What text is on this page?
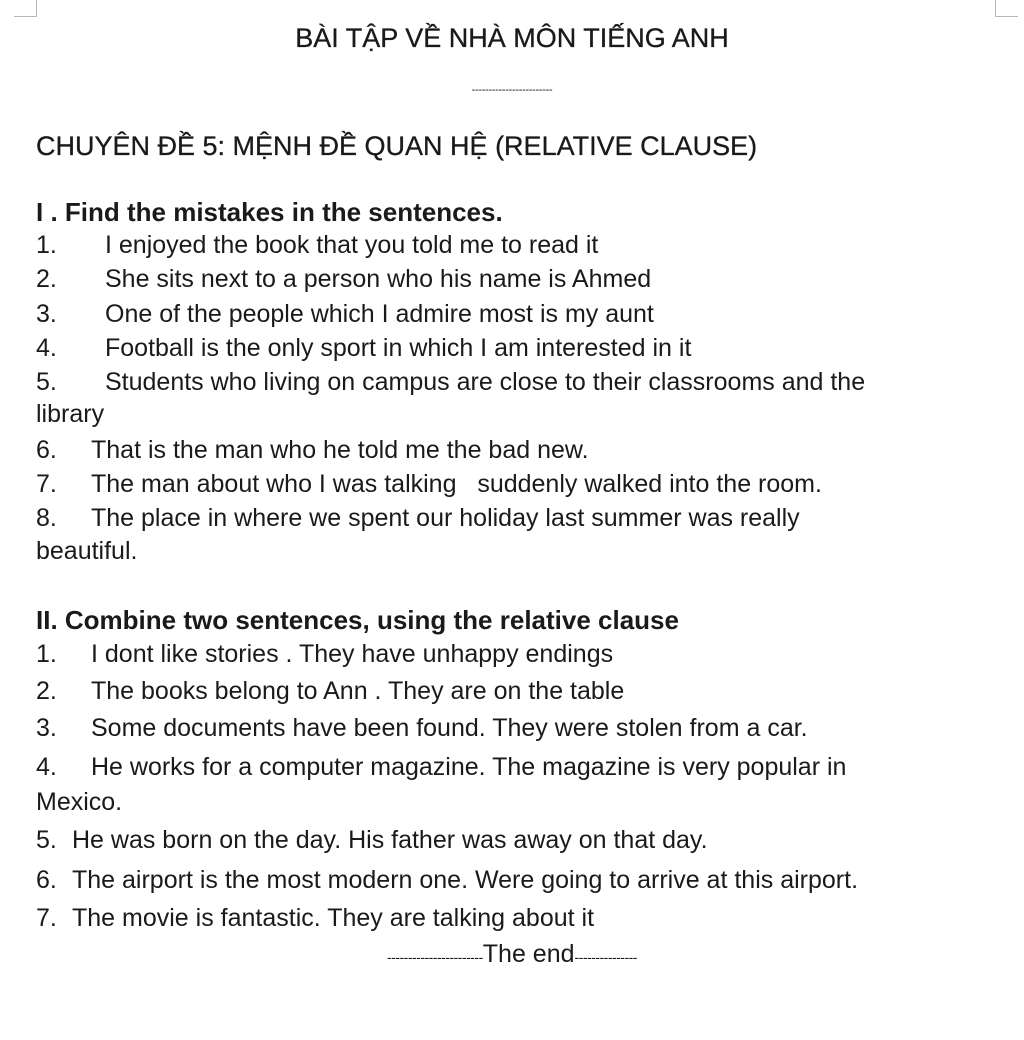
BÀI TẬP VỀ NHÀ MÔN TIẾNG ANH
------------------------
CHUYÊN ĐỀ 5: MỆNH ĐỀ QUAN HỆ (RELATIVE CLAUSE)
I . Find the mistakes in the sentences.
1. I enjoyed the book that you told me to read it
2. She sits next to a person who his name is Ahmed
3. One of the people which I admire most is my aunt
4. Football is the only sport in which I am interested in it
5. Students who living on campus are close to their classrooms and the
library
6. That is the man who he told me the bad new.
7. The man about who I was talking   suddenly walked into the room.
8. The place in where we spent our holiday last summer was really
beautiful.
II. Combine two sentences, using the relative clause
1. I dont like stories . They have unhappy endings
2. The books belong to Ann . They are on the table
3. Some documents have been found. They were stolen from a car.
4. He works for a computer magazine. The magazine is very popular in
Mexico.
5. He was born on the day. His father was away on that day.
6. The airport is the most modern one. Were going to arrive at this airport.
7. The movie is fantastic. They are talking about it
-----------------------The end---------------
